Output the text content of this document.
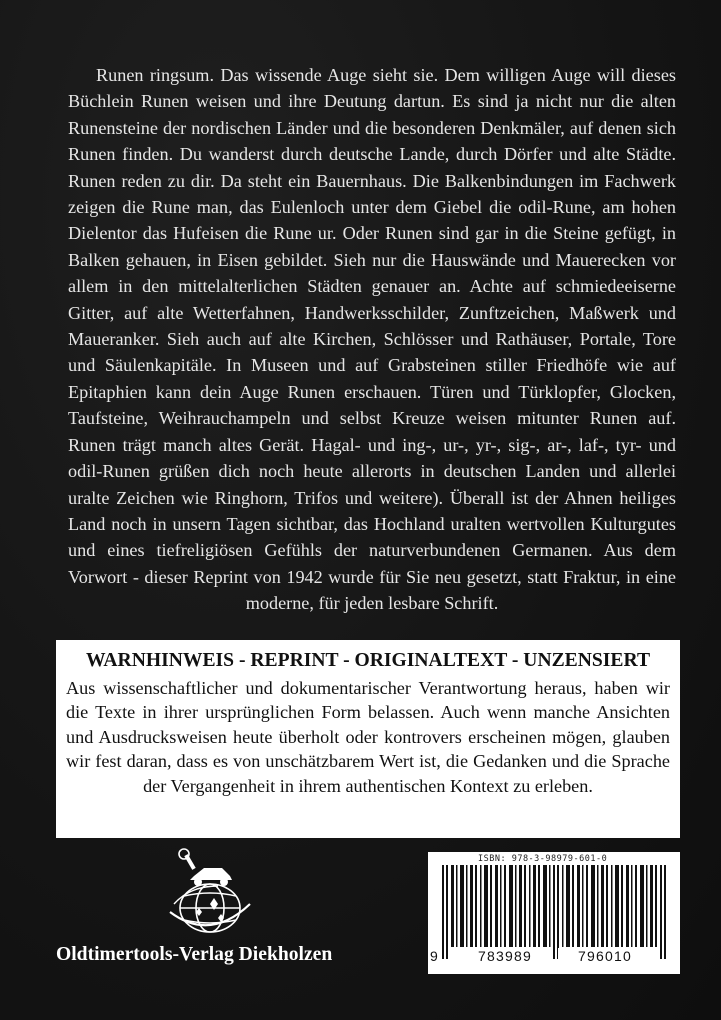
Runen ringsum. Das wissende Auge sieht sie. Dem willigen Auge will dieses Büchlein Runen weisen und ihre Deutung dartun. Es sind ja nicht nur die alten Runensteine der nordischen Länder und die besonderen Denkmäler, auf denen sich Runen finden. Du wanderst durch deutsche Lande, durch Dörfer und alte Städte. Runen reden zu dir. Da steht ein Bauernhaus. Die Balkenbindungen im Fachwerk zeigen die Rune man, das Eulenloch unter dem Giebel die odil-Rune, am hohen Dielentor das Hufeisen die Rune ur. Oder Runen sind gar in die Steine gefügt, in Balken gehauen, in Eisen gebildet. Sieh nur die Hauswände und Mauerecken vor allem in den mittelalterlichen Städten genauer an. Achte auf schmiedeeiserne Gitter, auf alte Wetterfahnen, Handwerksschilder, Zunftzeichen, Maßwerk und Maueranker. Sieh auch auf alte Kirchen, Schlösser und Rathäuser, Portale, Tore und Säulenkapitäle. In Museen und auf Grabsteinen stiller Friedhöfe wie auf Epitaphien kann dein Auge Runen erschauen. Türen und Türklopfer, Glocken, Taufsteine, Weihrauchampeln und selbst Kreuze weisen mitunter Runen auf. Runen trägt manch altes Gerät. Hagal- und ing-, ur-, yr-, sig-, ar-, laf-, tyr- und odil-Runen grüßen dich noch heute allerorts in deutschen Landen und allerlei uralte Zeichen wie Ringhorn, Trifos und weitere). Überall ist der Ahnen heiliges Land noch in unsern Tagen sichtbar, das Hochland uralten wertvollen Kulturgutes und eines tiefreligiösen Gefühls der naturverbundenen Germanen. Aus dem Vorwort - dieser Reprint von 1942 wurde für Sie neu gesetzt, statt Fraktur, in eine moderne, für jeden lesbare Schrift.

WARNHINWEIS - REPRINT - ORIGINALTEXT - UNZENSIERT

Aus wissenschaftlicher und dokumentarischer Verantwortung heraus, haben wir die Texte in ihrer ursprünglichen Form belassen. Auch wenn manche Ansichten und Ausdrucksweisen heute überholt oder kontrovers erscheinen mögen, glauben wir fest daran, dass es von unschätzbarem Wert ist, die Gedanken und die Sprache der Vergangenheit in ihrem authentischen Kontext zu erleben.

Oldtimertools-Verlag Diekholzen
ISBN: 978-3-98979-601-0
9	783989	796010
